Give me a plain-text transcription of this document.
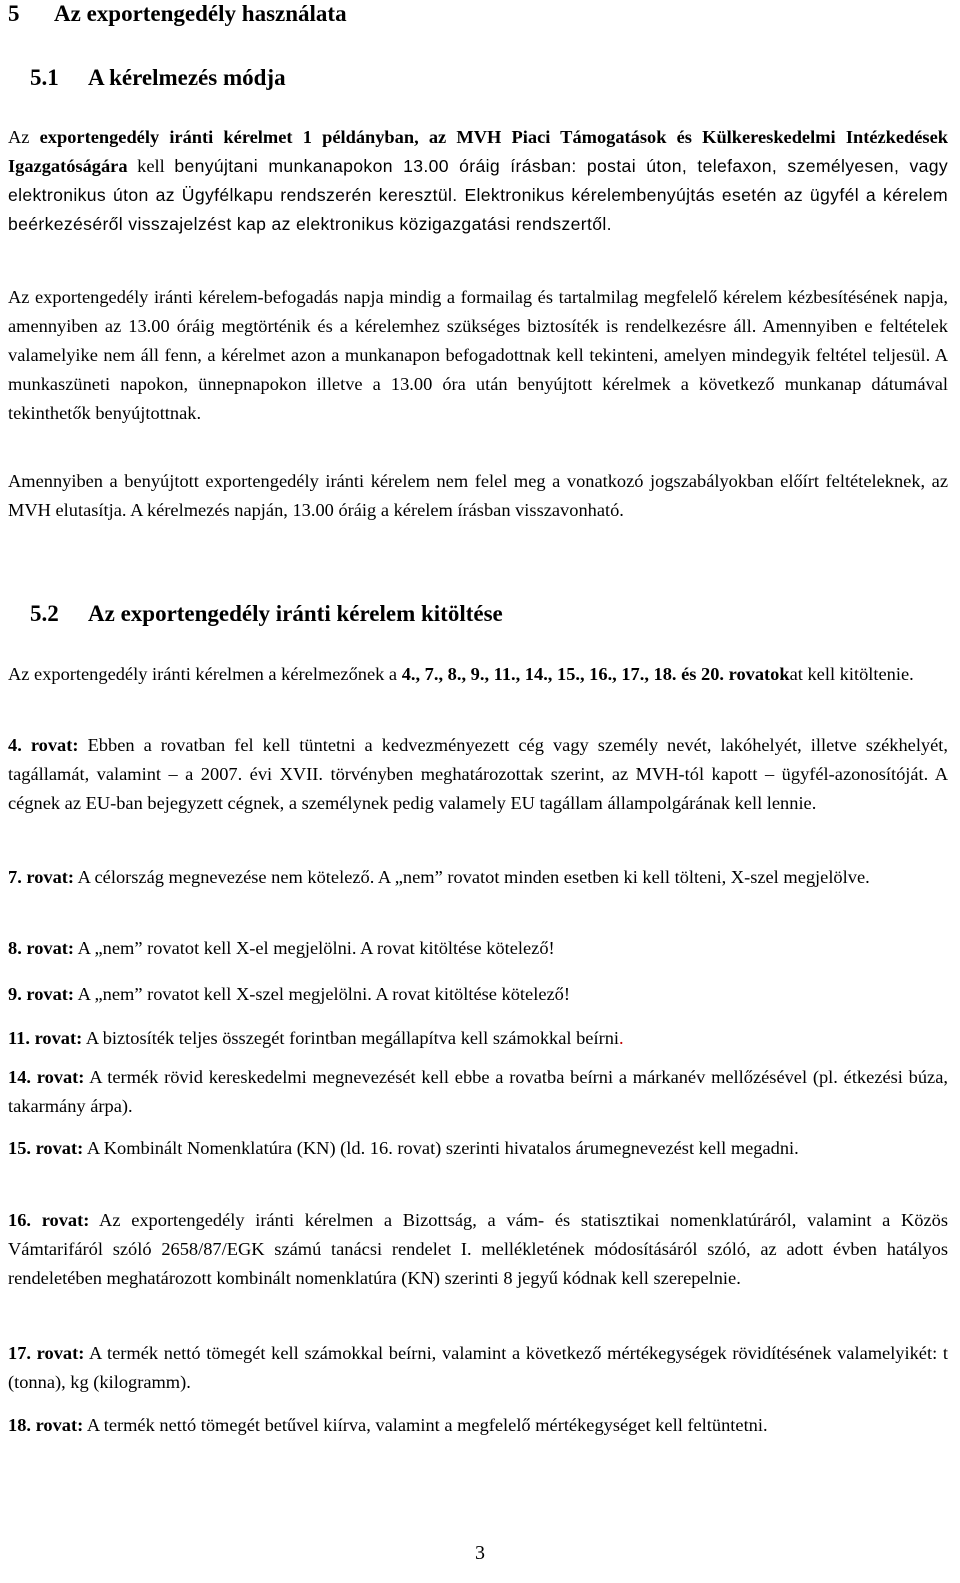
5 Az exportengedély használata
5.1 A kérelmezés módja

Az exportengedély iránti kérelmet 1 példányban, az MVH Piaci Támogatások és Külkereskedelmi Intézkedések Igazgatóságára kell benyújtani munkanapokon 13.00 óráig írásban: postai úton, telefaxon, személyesen, vagy elektronikus úton az Ügyfélkapu rendszerén keresztül. Elektronikus kérelembenyújtás esetén az ügyfél a kérelem beérkezéséről visszajelzést kap az elektronikus közigazgatási rendszertől.

Az exportengedély iránti kérelem-befogadás napja mindig a formailag és tartalmilag megfelelő kérelem kézbesítésének napja, amennyiben az 13.00 óráig megtörténik és a kérelemhez szükséges biztosíték is rendelkezésre áll. Amennyiben e feltételek valamelyike nem áll fenn, a kérelmet azon a munkanapon befogadottnak kell tekinteni, amelyen mindegyik feltétel teljesül. A munkaszüneti napokon, ünnepnapokon illetve a 13.00 óra után benyújtott kérelmek a következő munkanap dátumával tekinthetők benyújtottnak.

Amennyiben a benyújtott exportengedély iránti kérelem nem felel meg a vonatkozó jogszabályokban előírt feltételeknek, az MVH elutasítja. A kérelmezés napján, 13.00 óráig a kérelem írásban visszavonható.

5.2 Az exportengedély iránti kérelem kitöltése

Az exportengedély iránti kérelmen a kérelmezőnek a 4., 7., 8., 9., 11., 14., 15., 16., 17., 18. és 20. rovatokat kell kitöltenie.

4. rovat: Ebben a rovatban fel kell tüntetni a kedvezményezett cég vagy személy nevét, lakóhelyét, illetve székhelyét, tagállamát, valamint – a 2007. évi XVII. törvényben meghatározottak szerint, az MVH-tól kapott – ügyfél-azonosítóját. A cégnek az EU-ban bejegyzett cégnek, a személynek pedig valamely EU tagállam állampolgárának kell lennie.

7. rovat: A célország megnevezése nem kötelező. A „nem” rovatot minden esetben ki kell tölteni, X-szel megjelölve.

8. rovat: A „nem” rovatot kell X-el megjelölni. A rovat kitöltése kötelező!

9. rovat: A „nem” rovatot kell X-szel megjelölni. A rovat kitöltése kötelező!

11. rovat: A biztosíték teljes összegét forintban megállapítva kell számokkal beírni.

14. rovat: A termék rövid kereskedelmi megnevezését kell ebbe a rovatba beírni a márkanév mellőzésével (pl. étkezési búza, takarmány árpa).

15. rovat: A Kombinált Nomenklatúra (KN) (ld. 16. rovat) szerinti hivatalos árumegnevezést kell megadni.

16. rovat: Az exportengedély iránti kérelmen a Bizottság, a vám- és statisztikai nomenklatúráról, valamint a Közös Vámtarifáról szóló 2658/87/EGK számú tanácsi rendelet I. mellékletének módosításáról szóló, az adott évben hatályos rendeletében meghatározott kombinált nomenklatúra (KN) szerinti 8 jegyű kódnak kell szerepelnie.

17. rovat: A termék nettó tömegét kell számokkal beírni, valamint a következő mértékegységek rövidítésének valamelyikét: t (tonna), kg (kilogramm).

18. rovat: A termék nettó tömegét betűvel kiírva, valamint a megfelelő mértékegységet kell feltüntetni.

3
